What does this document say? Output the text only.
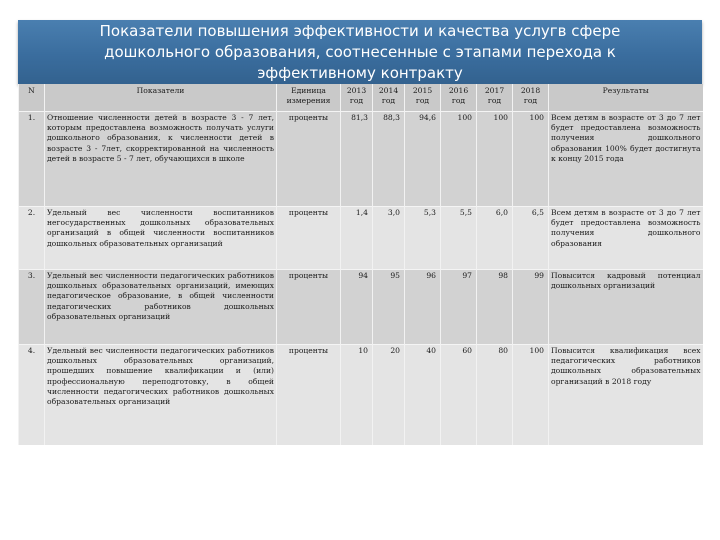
Показатели повышения эффективности и качества услугв сфере дошкольного образования, соотнесенные с этапами перехода к эффективному контракту
N	Показатели	Единица измерения	2013 год	2014 год	2015 год	2016 год	2017 год	2018 год	Результаты
1.	Отношение численности детей в возрасте 3 - 7 лет, которым предоставлена возможность получать услуги дошкольного образования, к численности детей в возрасте 3 - 7лет, скорректированной на численность детей в возрасте 5 - 7 лет, обучающихся в школе	проценты	81,3	88,3	94,6	100	100	100	Всем детям в возрасте от 3 до 7 лет будет предоставлена возможность получения дошкольного образования 100% будет достигнута к концу 2015 года
2.	Удельный вес численности воспитанников негосударственных дошкольных образовательных организаций в общей численности воспитанников дошкольных образовательных организаций	проценты	1,4	3,0	5,3	5,5	6,0	6,5	Всем детям в возрасте от 3 до 7 лет будет предоставлена возможность получения дошкольного образования
3.	Удельный вес численности педагогических работников дошкольных образовательных организаций, имеющих педагогическое образование, в общей численности педагогических работников дошкольных образовательных организаций	проценты	94	95	96	97	98	99	Повысится кадровый потенциал дошкольных организаций
4.	Удельный вес численности педагогических работников дошкольных образовательных организаций, прошедших повышение квалификации и (или) профессиональную переподготовку, в общей численности педагогических работников дошкольных образовательных организаций	проценты	10	20	40	60	80	100	Повысится квалификация всех педагогических работников дошкольных образовательных организаций в 2018 году
